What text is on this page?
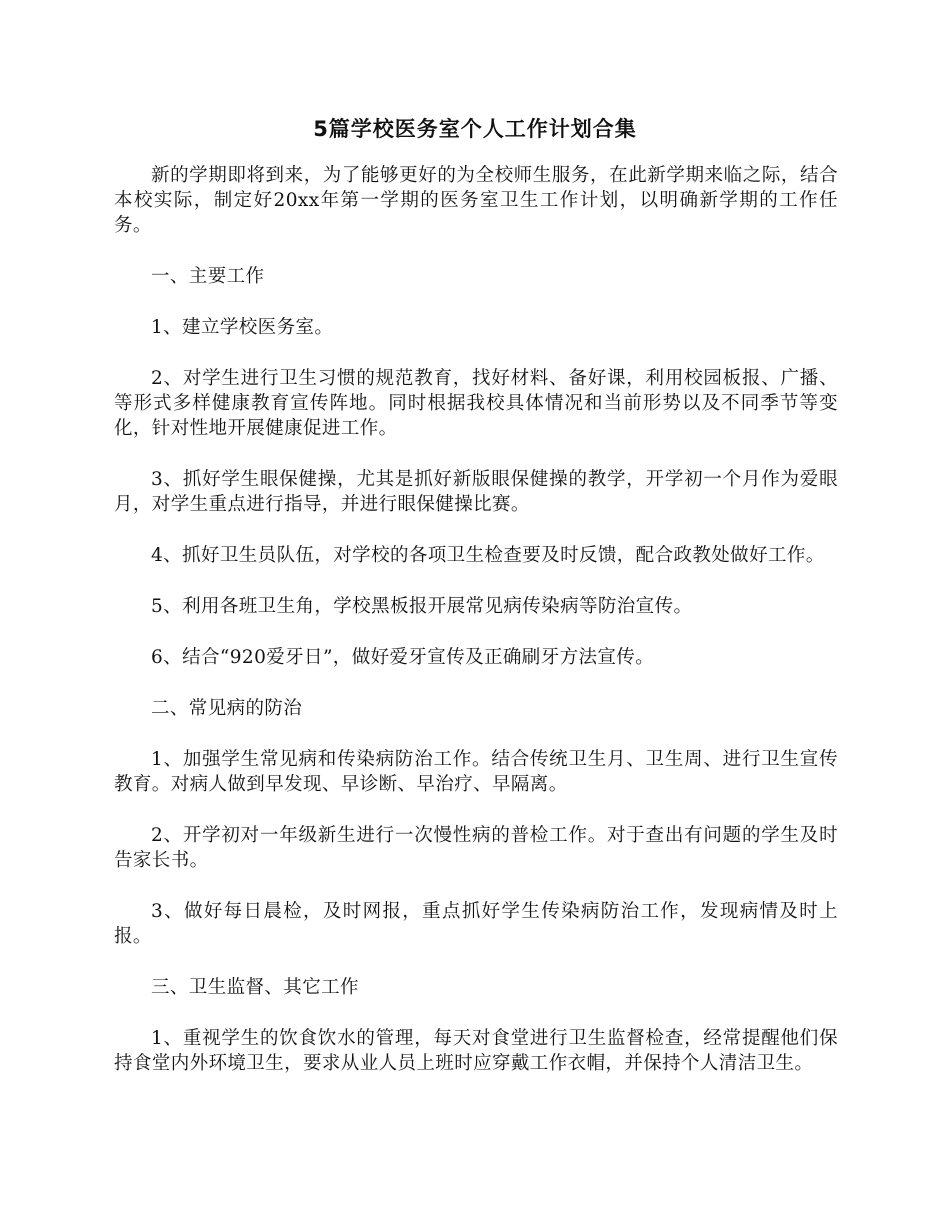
5篇学校医务室个人工作计划合集

新的学期即将到来，为了能够更好的为全校师生服务，在此新学期来临之际，结合本校实际，制定好20xx年第一学期的医务室卫生工作计划，以明确新学期的工作任务。

一、主要工作

1、建立学校医务室。

2、对学生进行卫生习惯的规范教育，找好材料、备好课，利用校园板报、广播、等形式多样健康教育宣传阵地。同时根据我校具体情况和当前形势以及不同季节等变化，针对性地开展健康促进工作。

3、抓好学生眼保健操，尤其是抓好新版眼保健操的教学，开学初一个月作为爱眼月，对学生重点进行指导，并进行眼保健操比赛。

4、抓好卫生员队伍，对学校的各项卫生检查要及时反馈，配合政教处做好工作。

5、利用各班卫生角，学校黑板报开展常见病传染病等防治宣传。

6、结合“920爱牙日”，做好爱牙宣传及正确刷牙方法宣传。

二、常见病的防治

1、加强学生常见病和传染病防治工作。结合传统卫生月、卫生周、进行卫生宣传教育。对病人做到早发现、早诊断、早治疗、早隔离。

2、开学初对一年级新生进行一次慢性病的普检工作。对于查出有问题的学生及时告家长书。

3、做好每日晨检，及时网报，重点抓好学生传染病防治工作，发现病情及时上报。

三、卫生监督、其它工作

1、重视学生的饮食饮水的管理，每天对食堂进行卫生监督检查，经常提醒他们保持食堂内外环境卫生，要求从业人员上班时应穿戴工作衣帽，并保持个人清洁卫生。
